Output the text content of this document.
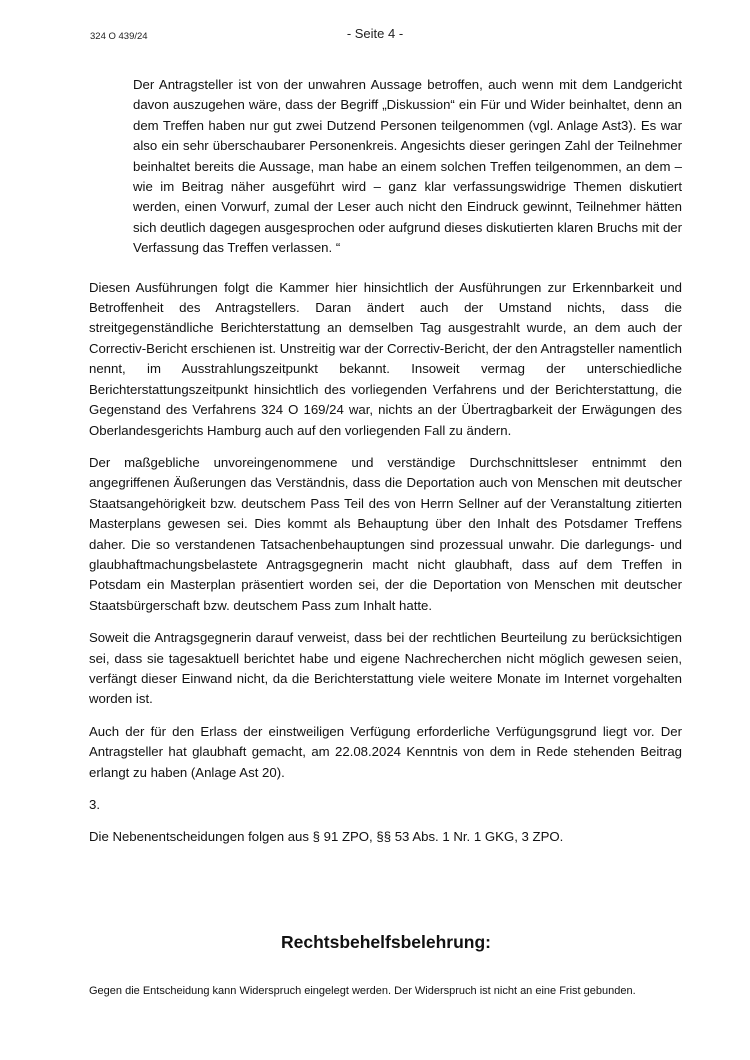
324 O 439/24	- Seite 4 -

Der Antragsteller ist von der unwahren Aussage betroffen, auch wenn mit dem Landgericht davon auszugehen wäre, dass der Begriff „Diskussion“ ein Für und Wider beinhaltet, denn an dem Treffen haben nur gut zwei Dutzend Personen teilgenommen (vgl. Anlage Ast3). Es war also ein sehr überschaubarer Personenkreis. Angesichts dieser geringen Zahl der Teilnehmer beinhaltet bereits die Aussage, man habe an einem solchen Treffen teilgenommen, an dem – wie im Beitrag näher ausgeführt wird – ganz klar verfassungswidrige Themen diskutiert werden, einen Vorwurf, zumal der Leser auch nicht den Eindruck gewinnt, Teilnehmer hätten sich deutlich dagegen ausgesprochen oder aufgrund dieses diskutierten klaren Bruchs mit der Verfassung das Treffen verlassen. “

Diesen Ausführungen folgt die Kammer hier hinsichtlich der Ausführungen zur Erkennbarkeit und Betroffenheit des Antragstellers. Daran ändert auch der Umstand nichts, dass die streitgegenständliche Berichterstattung an demselben Tag ausgestrahlt wurde, an dem auch der Correctiv-Bericht erschienen ist. Unstreitig war der Correctiv-Bericht, der den Antragsteller namentlich nennt, im Ausstrahlungszeitpunkt bekannt. Insoweit vermag der unterschiedliche Berichterstattungszeitpunkt hinsichtlich des vorliegenden Verfahrens und der Berichterstattung, die Gegenstand des Verfahrens 324 O 169/24 war, nichts an der Übertragbarkeit der Erwägungen des Oberlandesgerichts Hamburg auch auf den vorliegenden Fall zu ändern.

Der maßgebliche unvoreingenommene und verständige Durchschnittsleser entnimmt den angegriffenen Äußerungen das Verständnis, dass die Deportation auch von Menschen mit deutscher Staatsangehörigkeit bzw. deutschem Pass Teil des von Herrn Sellner auf der Veranstaltung zitierten Masterplans gewesen sei. Dies kommt als Behauptung über den Inhalt des Potsdamer Treffens daher. Die so verstandenen Tatsachenbehauptungen sind prozessual unwahr. Die darlegungs- und glaubhaftmachungsbelastete Antragsgegnerin macht nicht glaubhaft, dass auf dem Treffen in Potsdam ein Masterplan präsentiert worden sei, der die Deportation von Menschen mit deutscher Staatsbürgerschaft bzw. deutschem Pass zum Inhalt hatte.

Soweit die Antragsgegnerin darauf verweist, dass bei der rechtlichen Beurteilung zu berücksichtigen sei, dass sie tagesaktuell berichtet habe und eigene Nachrecherchen nicht möglich gewesen seien, verfängt dieser Einwand nicht, da die Berichterstattung viele weitere Monate im Internet vorgehalten worden ist.

Auch der für den Erlass der einstweiligen Verfügung erforderliche Verfügungsgrund liegt vor. Der Antragsteller hat glaubhaft gemacht, am 22.08.2024 Kenntnis von dem in Rede stehenden Beitrag erlangt zu haben (Anlage Ast 20).

3.

Die Nebenentscheidungen folgen aus § 91 ZPO, §§ 53 Abs. 1 Nr. 1 GKG, 3 ZPO.

Rechtsbehelfsbelehrung:
Gegen die Entscheidung kann Widerspruch eingelegt werden. Der Widerspruch ist nicht an eine Frist gebunden.
